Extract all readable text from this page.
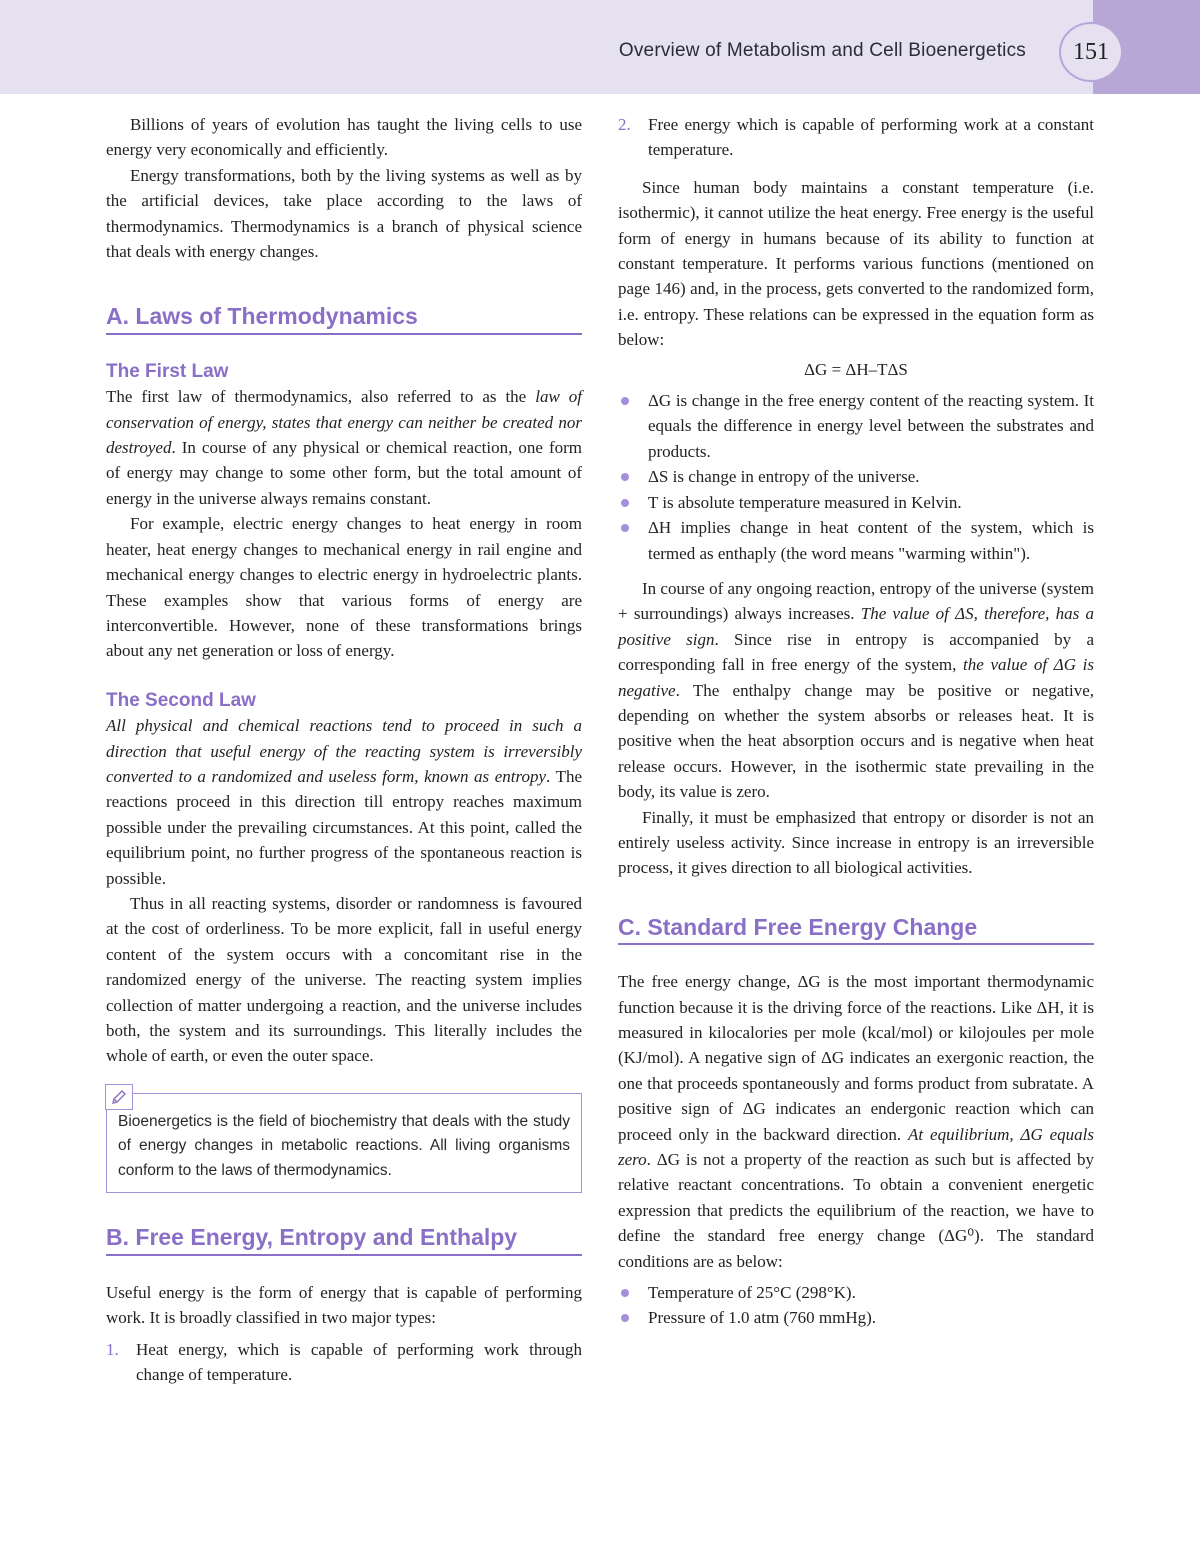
Overview of Metabolism and Cell Bioenergetics	151

Billions of years of evolution has taught the living cells to use energy very economically and efficiently.

Energy transformations, both by the living systems as well as by the artificial devices, take place according to the laws of thermodynamics. Thermodynamics is a branch of physical science that deals with energy changes.

A. Laws of Thermodynamics
The First Law

The first law of thermodynamics, also referred to as the law of conservation of energy, states that energy can neither be created nor destroyed. In course of any physical or chemical reaction, one form of energy may change to some other form, but the total amount of energy in the universe always remains constant.

For example, electric energy changes to heat energy in room heater, heat energy changes to mechanical energy in rail engine and mechanical energy changes to electric energy in hydroelectric plants. These examples show that various forms of energy are interconvertible. However, none of these transformations brings about any net generation or loss of energy.

The Second Law

All physical and chemical reactions tend to proceed in such a direction that useful energy of the reacting system is irreversibly converted to a randomized and useless form, known as entropy. The reactions proceed in this direction till entropy reaches maximum possible under the prevailing circumstances. At this point, called the equilibrium point, no further progress of the spontaneous reaction is possible.

Thus in all reacting systems, disorder or randomness is favoured at the cost of orderliness. To be more explicit, fall in useful energy content of the system occurs with a concomitant rise in the randomized energy of the universe. The reacting system implies collection of matter undergoing a reaction, and the universe includes both, the system and its surroundings. This literally includes the whole of earth, or even the outer space.

Bioenergetics is the field of biochemistry that deals with the study of energy changes in metabolic reactions. All living organisms conform to the laws of thermodynamics.
B. Free Energy, Entropy and Enthalpy

Useful energy is the form of energy that is capable of performing work. It is broadly classified in two major types:

1. Heat energy, which is capable of performing work through change of temperature.

2. Free energy which is capable of performing work at a constant temperature.

Since human body maintains a constant temperature (i.e. isothermic), it cannot utilize the heat energy. Free energy is the useful form of energy in humans because of its ability to function at constant temperature. It performs various functions (mentioned on page 146) and, in the process, gets converted to the randomized form, i.e. entropy. These relations can be expressed in the equation form as below:

ΔG = ΔH–TΔS

ΔG is change in the free energy content of the reacting system. It equals the difference in energy level between the substrates and products.

ΔS is change in entropy of the universe.

T is absolute temperature measured in Kelvin.

ΔH implies change in heat content of the system, which is termed as enthaply (the word means "warming within").

In course of any ongoing reaction, entropy of the universe (system + surroundings) always increases. The value of ΔS, therefore, has a positive sign. Since rise in entropy is accompanied by a corresponding fall in free energy of the system, the value of ΔG is negative. The enthalpy change may be positive or negative, depending on whether the system absorbs or releases heat. It is positive when the heat absorption occurs and is negative when heat release occurs. However, in the isothermic state prevailing in the body, its value is zero.

Finally, it must be emphasized that entropy or disorder is not an entirely useless activity. Since increase in entropy is an irreversible process, it gives direction to all biological activities.

C. Standard Free Energy Change

The free energy change, ΔG is the most important thermodynamic function because it is the driving force of the reactions. Like ΔH, it is measured in kilocalories per mole (kcal/mol) or kilojoules per mole (KJ/mol). A negative sign of ΔG indicates an exergonic reaction, the one that proceeds spontaneously and forms product from subratate. A positive sign of ΔG indicates an endergonic reaction which can proceed only in the backward direction. At equilibrium, ΔG equals zero. ΔG is not a property of the reaction as such but is affected by relative reactant concentrations. To obtain a convenient energetic expression that predicts the equilibrium of the reaction, we have to define the standard free energy change (ΔG⁰). The standard conditions are as below:

Temperature of 25°C (298°K).

Pressure of 1.0 atm (760 mmHg).
